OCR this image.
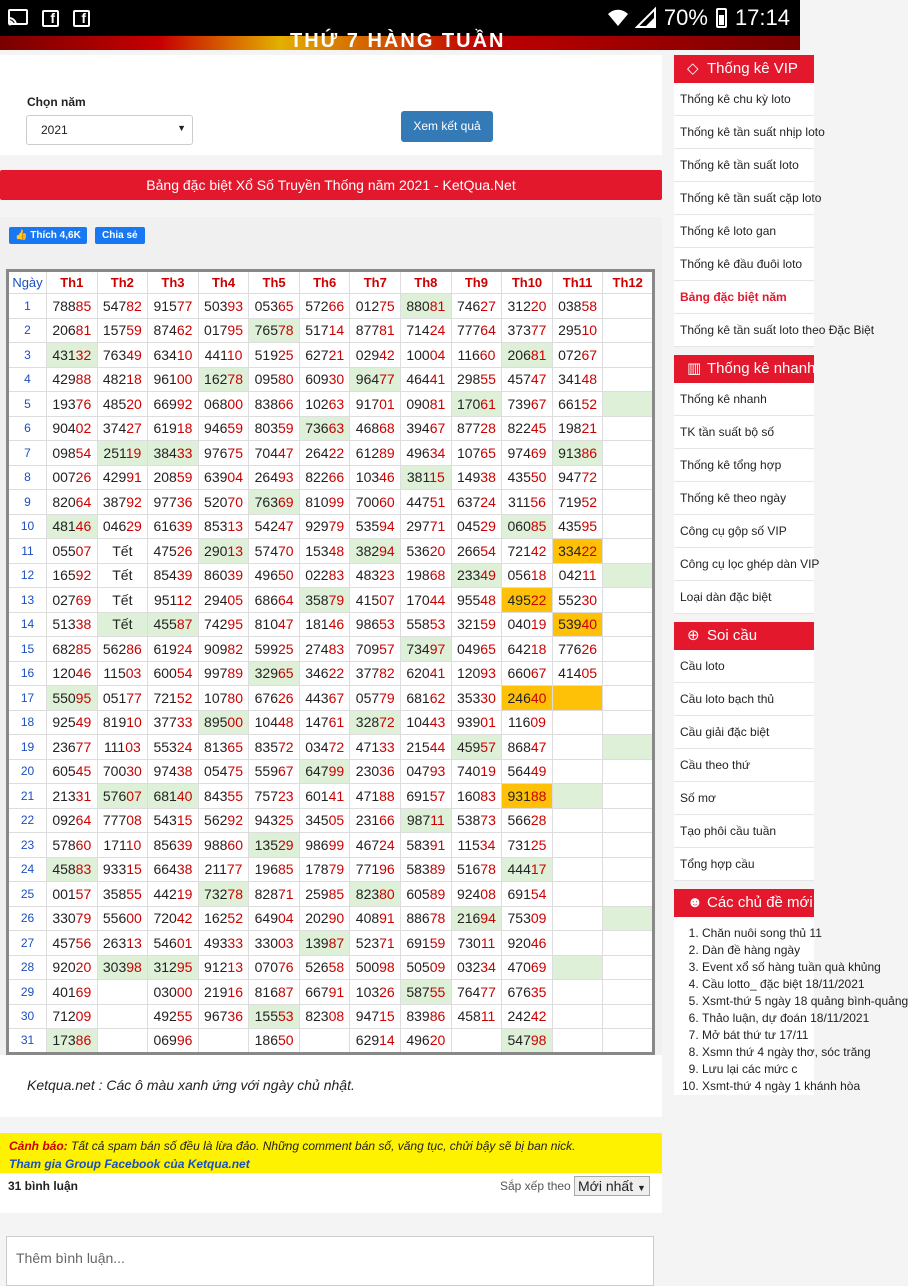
f	f	70% 17:14
THỨ 7 HÀNG TUẦN
Chọn năm
2021	▼	Xem kết quả
Bảng đặc biệt Xổ Số Truyền Thống năm 2021 - KetQua.Net
👍 Thích 4,6K	Chia sẻ
Ngày	Th1	Th2	Th3	Th4	Th5	Th6	Th7	Th8	Th9	Th10	Th11	Th12
1	78885	54782	91577	50393	05365	57266	01275	88081	74627	31220	03858	
2	20681	15759	87462	01795	76578	51714	87781	71424	77764	37377	29510	
3	43132	76349	63410	44110	51925	62721	02942	10004	11660	20681	07267	
4	42988	48218	96100	16278	09580	60930	96477	46441	29855	45747	34148	
5	19376	48520	66992	06800	83866	10263	91701	09081	17061	73967	66152	
6	90402	37427	61918	94659	80359	73663	46868	39467	87728	82245	19821	
7	09854	25119	38433	97675	70447	26422	61289	49634	10765	97469	91386	
8	00726	42991	20859	63904	26493	82266	10346	38115	14938	43550	94772	
9	82064	38792	97736	52070	76369	81099	70060	44751	63724	31156	71952	
10	48146	04629	61639	85313	54247	92979	53594	29771	04529	06085	43595	
11	05507	Tết	47526	29013	57470	15348	38294	53620	26654	72142	33422	
12	16592	Tết	85439	86039	49650	02283	48323	19868	23349	05618	04211	
13	02769	Tết	95112	29405	68664	35879	41507	17044	95548	49522	55230	
14	51338	Tết	45587	74295	81047	18146	98653	55853	32159	04019	53940	
15	68285	56286	61924	90982	59925	27483	70957	73497	04965	64218	77626	
16	12046	11503	60054	99789	32965	34622	37782	62041	12093	66067	41405	
17	55095	05177	72152	10780	67626	44367	05779	68162	35330	24640		
18	92549	81910	37733	89500	10448	14761	32872	10443	93901	11609		
19	23677	11103	55324	81365	83572	03472	47133	21544	45957	86847		
20	60545	70030	97438	05475	55967	64799	23036	04793	74019	56449		
21	21331	57607	68140	84355	75723	60141	47188	69157	16083	93188		
22	09264	77708	54315	56292	94325	34505	23166	98711	53873	56628		
23	57860	17110	85639	98860	13529	98699	46724	58391	11534	73125		
24	45883	93315	66438	21177	19685	17879	77196	58389	51678	44417		
25	00157	35855	44219	73278	82871	25985	82380	60589	92408	69154		
26	33079	55600	72042	16252	64904	20290	40891	88678	21694	75309		
27	45756	26313	54601	49333	33003	13987	52371	69159	73011	92046		
28	92020	30398	31295	91213	07076	52658	50098	50509	03234	47069		
29	40169		03000	21916	81687	66791	10326	58755	76477	67635		
30	71209		49255	96736	15553	82308	94715	83986	45811	24242		
31	17386		06996		18650		62914	49620		54798		
Ketqua.net : Các ô màu xanh ứng với ngày chủ nhật.
Cảnh báo: Tất cả spam bán số đều là lừa đảo. Những comment bán số, văng tục, chửi bậy sẽ bị ban nick.
Tham gia Group Facebook của Ketqua.net
31 bình luận	Sắp xếp theo Mới nhất ▼
Thêm bình luận...
◇ Thống kê VIP
Thống kê chu kỳ loto
Thống kê tần suất nhịp loto
Thống kê tần suất loto
Thống kê tần suất cặp loto
Thống kê loto gan
Thống kê đầu đuôi loto
Bảng đặc biệt năm
Thống kê tần suất loto theo Đặc Biệt
▥ Thống kê nhanh
Thống kê nhanh
TK tần suất bộ số
Thống kê tổng hợp
Thống kê theo ngày
Công cụ gộp số VIP
Công cụ lọc ghép dàn VIP
Loại dàn đặc biệt
⊕ Soi cầu
Cầu loto
Cầu loto bạch thủ
Cầu giải đặc biệt
Cầu theo thứ
Số mơ
Tạo phôi cầu tuần
Tổng hợp cầu
☻ Các chủ đề mới
1. Chăn nuôi song thủ 11
2. Dàn đề hàng ngày
3. Event xổ số hàng tuần quà khủng
4. Cầu lotto_ đặc biệt 18/11/2021
5. Xsmt-thứ 5 ngày 18 quảng bình-quảng
6. Thảo luận, dự đoán 18/11/2021
7. Mở bát thứ tư 17/11
8. Xsmn thứ 4 ngày thơ, sóc trăng
9. Lưu lại các mức c
10. Xsmt-thứ 4 ngày 1 khánh hòa
